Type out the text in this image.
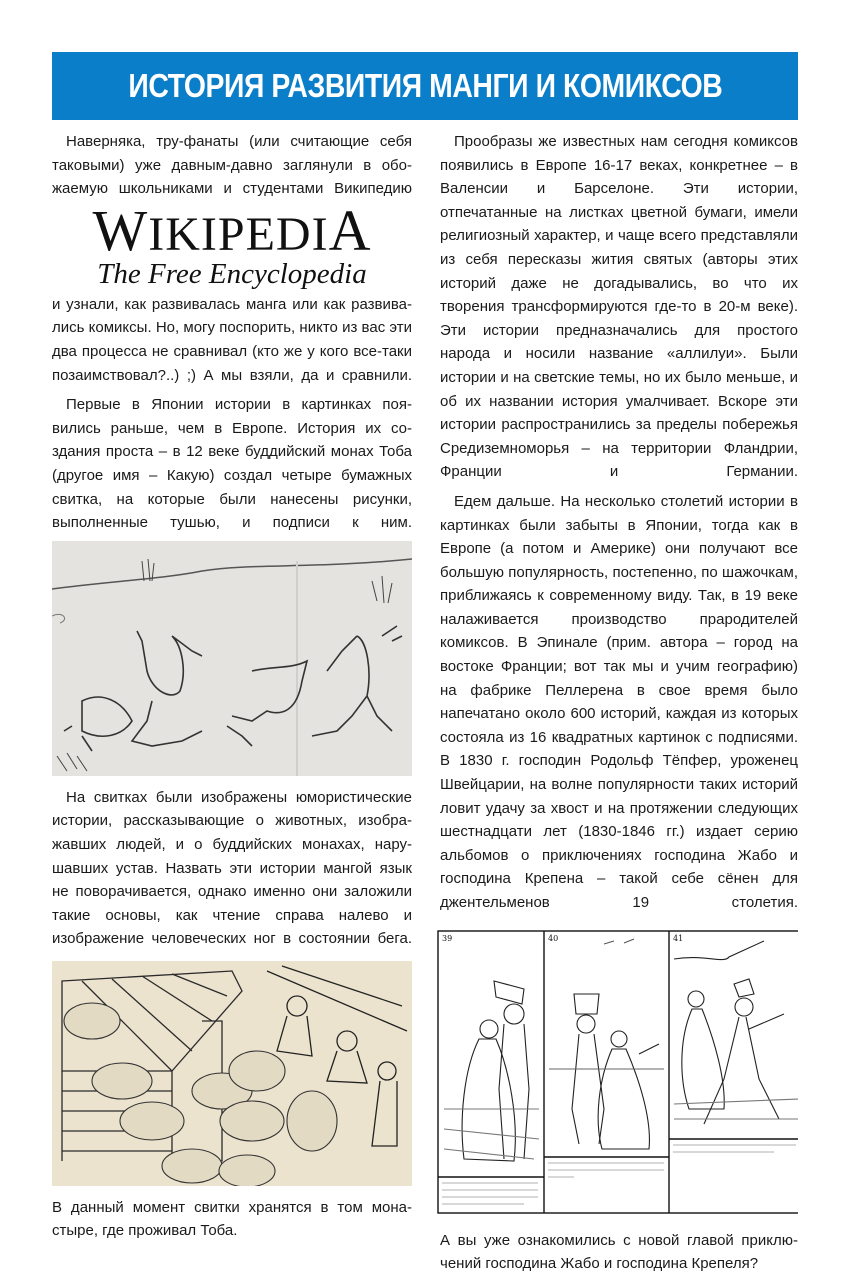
ИСТОРИЯ РАЗВИТИЯ МАНГИ И КОМИКСОВ

Наверняка, тру-фанаты (или считающие себя таковыми) уже давным-давно заглянули в обожаемую школьниками и студентами Википедию

WIKIPEDIA
The Free Encyclopedia

и узнали, как развивалась манга или как развивались комиксы. Но, могу поспорить, никто из вас эти два процесса не сравнивал (кто же у кого все-таки позаимствовал?..) ;) А мы взяли, да и сравнили.

Первые в Японии истории в картинках появились раньше, чем в Европе. История их создания проста – в 12 веке буддийский монах Тоба (другое имя – Какую) создал четыре бумажных свитка, на которые были нанесены рисунки, выполненные тушью, и подписи к ним.

На свитках были изображены юмористические истории, рассказывающие о животных, изображавших людей, и о буддийских монахах, нарушавших устав. Назвать эти истории мангой язык не поворачивается, однако именно они заложили такие основы, как чтение справа налево и изображение человеческих ног в состоянии бега.

В данный момент свитки хранятся в том монастыре, где проживал Тоба.

Прообразы же известных нам сегодня комиксов появились в Европе 16-17 веках, конкретнее – в Валенсии и Барселоне. Эти истории, отпечатанные на листках цветной бумаги, имели религиозный характер, и чаще всего представляли из себя пересказы жития святых (авторы этих историй даже не догадывались, во что их творения трансформируются где-то в 20-м веке). Эти истории предназначались для простого народа и носили название «аллилуи». Были истории и на светские темы, но их было меньше, и об их названии история умалчивает. Вскоре эти истории распространились за пределы побережья Средиземноморья – на территории Фландрии, Франции и Германии.

Едем дальше. На несколько столетий истории в картинках были забыты в Японии, тогда как в Европе (а потом и Америке) они получают все большую популярность, постепенно, по шажочкам, приближаясь к современному виду. Так, в 19 веке налаживается производство прародителей комиксов. В Эпинале (прим. автора – город на востоке Франции; вот так мы и учим географию) на фабрике Пеллерена в свое время было напечатано около 600 историй, каждая из которых состояла из 16 квадратных картинок с подписями. В 1830 г. господин Родольф Тёпфер, уроженец Швейцарии, на волне популярности таких историй ловит удачу за хвост и на протяжении следующих шестнадцати лет (1830-1846 гг.) издает серию альбомов о приключениях господина Жабо и господина Крепена – такой себе сёнен для джентельменов 19 столетия.

39	40	41

А вы уже ознакомились с новой главой приключений господина Жабо и господина Крепеля?
